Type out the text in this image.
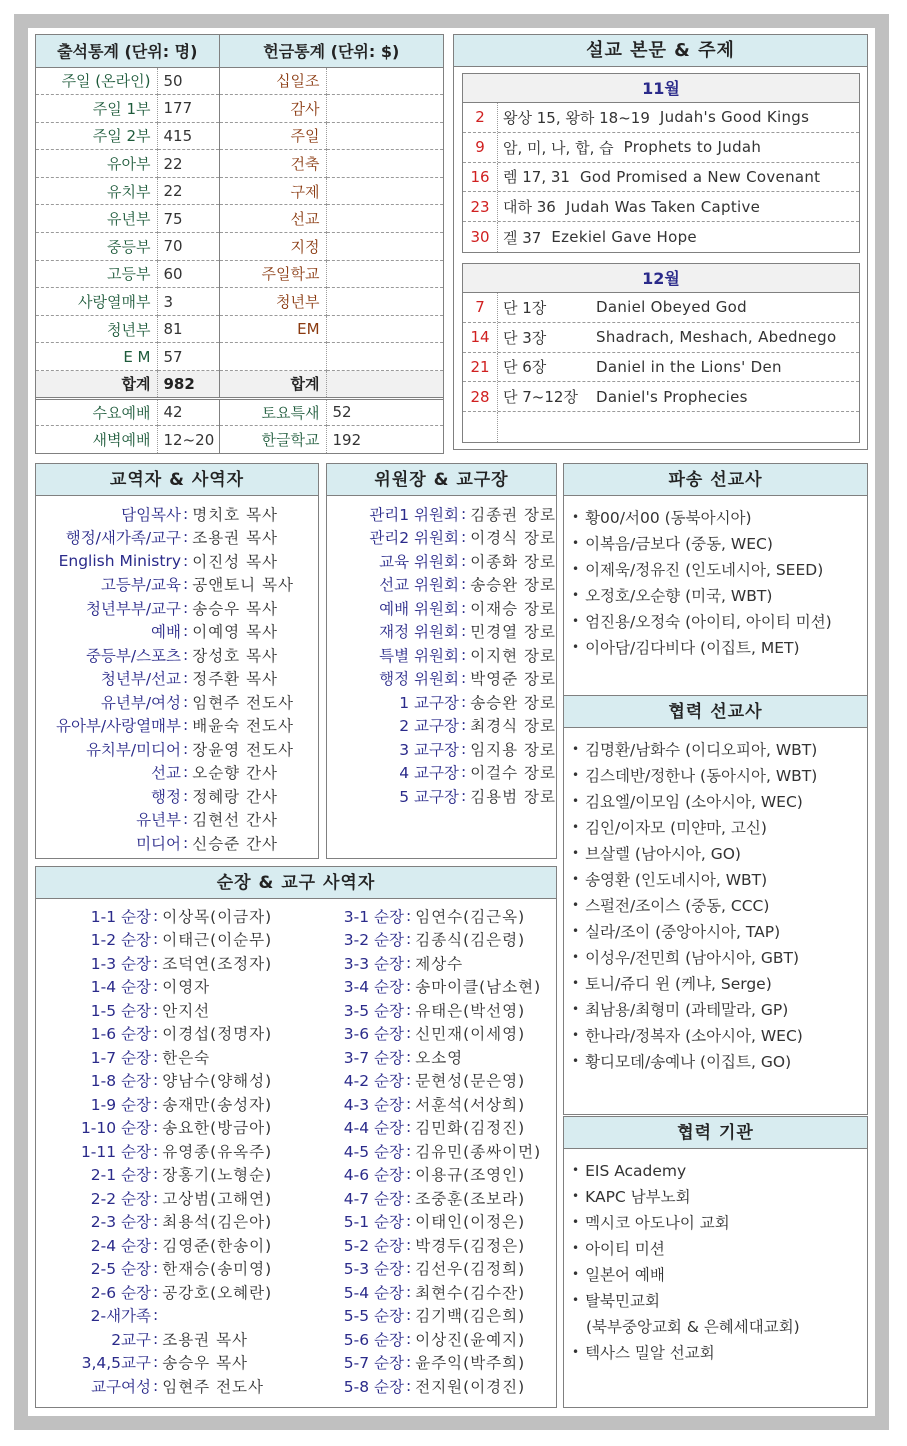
출석통계 (단위: 명)		헌금통계 (단위: $)	
주일 (온라인)	50	십일조	
주일 1부	177	감사	
주일 2부	415	주일	
유아부	22	건축	
유치부	22	구제	
유년부	75	선교	
중등부	70	지정	
고등부	60	주일학교	
사랑열매부	3	청년부	
청년부	81	EM	
E M	57		
합계	982	합계	
수요예배	42	토요특새	52
새벽예배	12~20	한글학교	192
설교 본문 & 주제
11월
2	왕상 15, 왕하 18~19 Judah's Good Kings
9	암, 미, 나, 합, 습 Prophets to Judah
16 렘 17, 31 God Promised a New Covenant
23 대하 36 Judah Was Taken Captive
30 겔 37 Ezekiel Gave Hope
12월
7	단 1장	Daniel Obeyed God
14 단 3장	Shadrach, Meshach, Abednego
21 단 6장	Daniel in the Lions' Den
28 단 7~12장	Daniel's Prophecies
교역자 & 사역자
담임목사 : 명치호 목사
행정/새가족/교구 : 조용권 목사
English Ministry : 이진성 목사
고등부/교육 : 공앤토니 목사
청년부부/교구 : 송승우 목사
예배 : 이예영 목사
중등부/스포츠 : 장성호 목사
청년부/선교 : 정주환 목사
유년부/여성 : 임현주 전도사
유아부/사랑열매부 : 배윤숙 전도사
유치부/미디어 : 장윤영 전도사
선교 : 오순향 간사
행정 : 정혜랑 간사
유년부 : 김현선 간사
미디어 : 신승준 간사
위원장 & 교구장
관리1 위원회 : 김종권 장로
관리2 위원회 : 이경식 장로
교육 위원회 : 이종화 장로
선교 위원회 : 송승완 장로
예배 위원회 : 이재승 장로
재정 위원회 : 민경열 장로
특별 위원회 : 이지현 장로
행정 위원회 : 박영준 장로
1 교구장 : 송승완 장로
2 교구장 : 최경식 장로
3 교구장 : 임지용 장로
4 교구장 : 이걸수 장로
5 교구장 : 김용범 장로
파송 선교사
• 황00/서00 (동북아시아)
• 이복음/금보다 (중동, WEC)
• 이제욱/정유진 (인도네시아, SEED)
• 오정호/오순향 (미국, WBT)
• 엄진용/오정숙 (아이티, 아이티 미션)
• 이아담/김다비다 (이집트, MET)
협력 선교사
• 김명환/남화수 (이디오피아, WBT)
• 김스데반/정한나 (동아시아, WBT)
• 김요엘/이모임 (소아시아, WEC)
• 김인/이자모 (미얀마, 고신)
• 브살렐 (남아시아, GO)
• 송영환 (인도네시아, WBT)
• 스펄전/조이스 (중동, CCC)
• 실라/조이 (중앙아시아, TAP)
• 이성우/전민희 (남아시아, GBT)
• 토니/쥬디 윈 (케냐, Serge)
• 최남용/최형미 (과테말라, GP)
• 한나라/정복자 (소아시아, WEC)
• 황디모데/송예나 (이집트, GO)
협력 기관
• EIS Academy
• KAPC 남부노회
• 멕시코 아도나이 교회
• 아이티 미션
• 일본어 예배
• 탈북민교회
(북부중앙교회 & 은혜세대교회)
• 텍사스 밀알 선교회
순장 & 교구 사역자
1-1 순장 : 이상목(이금자)
1-2 순장 : 이태근(이순무)
1-3 순장 : 조덕연(조정자)
1-4 순장 : 이영자
1-5 순장 : 안지선
1-6 순장 : 이경섭(정명자)
1-7 순장 : 한은숙
1-8 순장 : 양남수(양해성)
1-9 순장 : 송재만(송성자)
1-10 순장 : 송요한(방금아)
1-11 순장 : 유영종(유옥주)
2-1 순장 : 장홍기(노형순)
2-2 순장 : 고상범(고해연)
2-3 순장 : 최용석(김은아)
2-4 순장 : 김영준(한송이)
2-5 순장 : 한재승(송미영)
2-6 순장 : 공강호(오혜란)
2-새가족 :
2교구 : 조용권 목사
3,4,5교구 : 송승우 목사
교구여성 : 임현주 전도사
3-1 순장 : 임연수(김근옥)
3-2 순장 : 김종식(김은령)
3-3 순장 : 제상수
3-4 순장 : 송마이클(남소현)
3-5 순장 : 유태은(박선영)
3-6 순장 : 신민재(이세영)
3-7 순장 : 오소영
4-2 순장 : 문현성(문은영)
4-3 순장 : 서훈석(서상희)
4-4 순장 : 김민화(김정진)
4-5 순장 : 김유민(종싸이먼)
4-6 순장 : 이용규(조영인)
4-7 순장 : 조중훈(조보라)
5-1 순장 : 이태인(이정은)
5-2 순장 : 박경두(김정은)
5-3 순장 : 김선우(김정희)
5-4 순장 : 최현수(김수잔)
5-5 순장 : 김기백(김은희)
5-6 순장 : 이상진(윤예지)
5-7 순장 : 윤주익(박주희)
5-8 순장 : 전지원(이경진)
